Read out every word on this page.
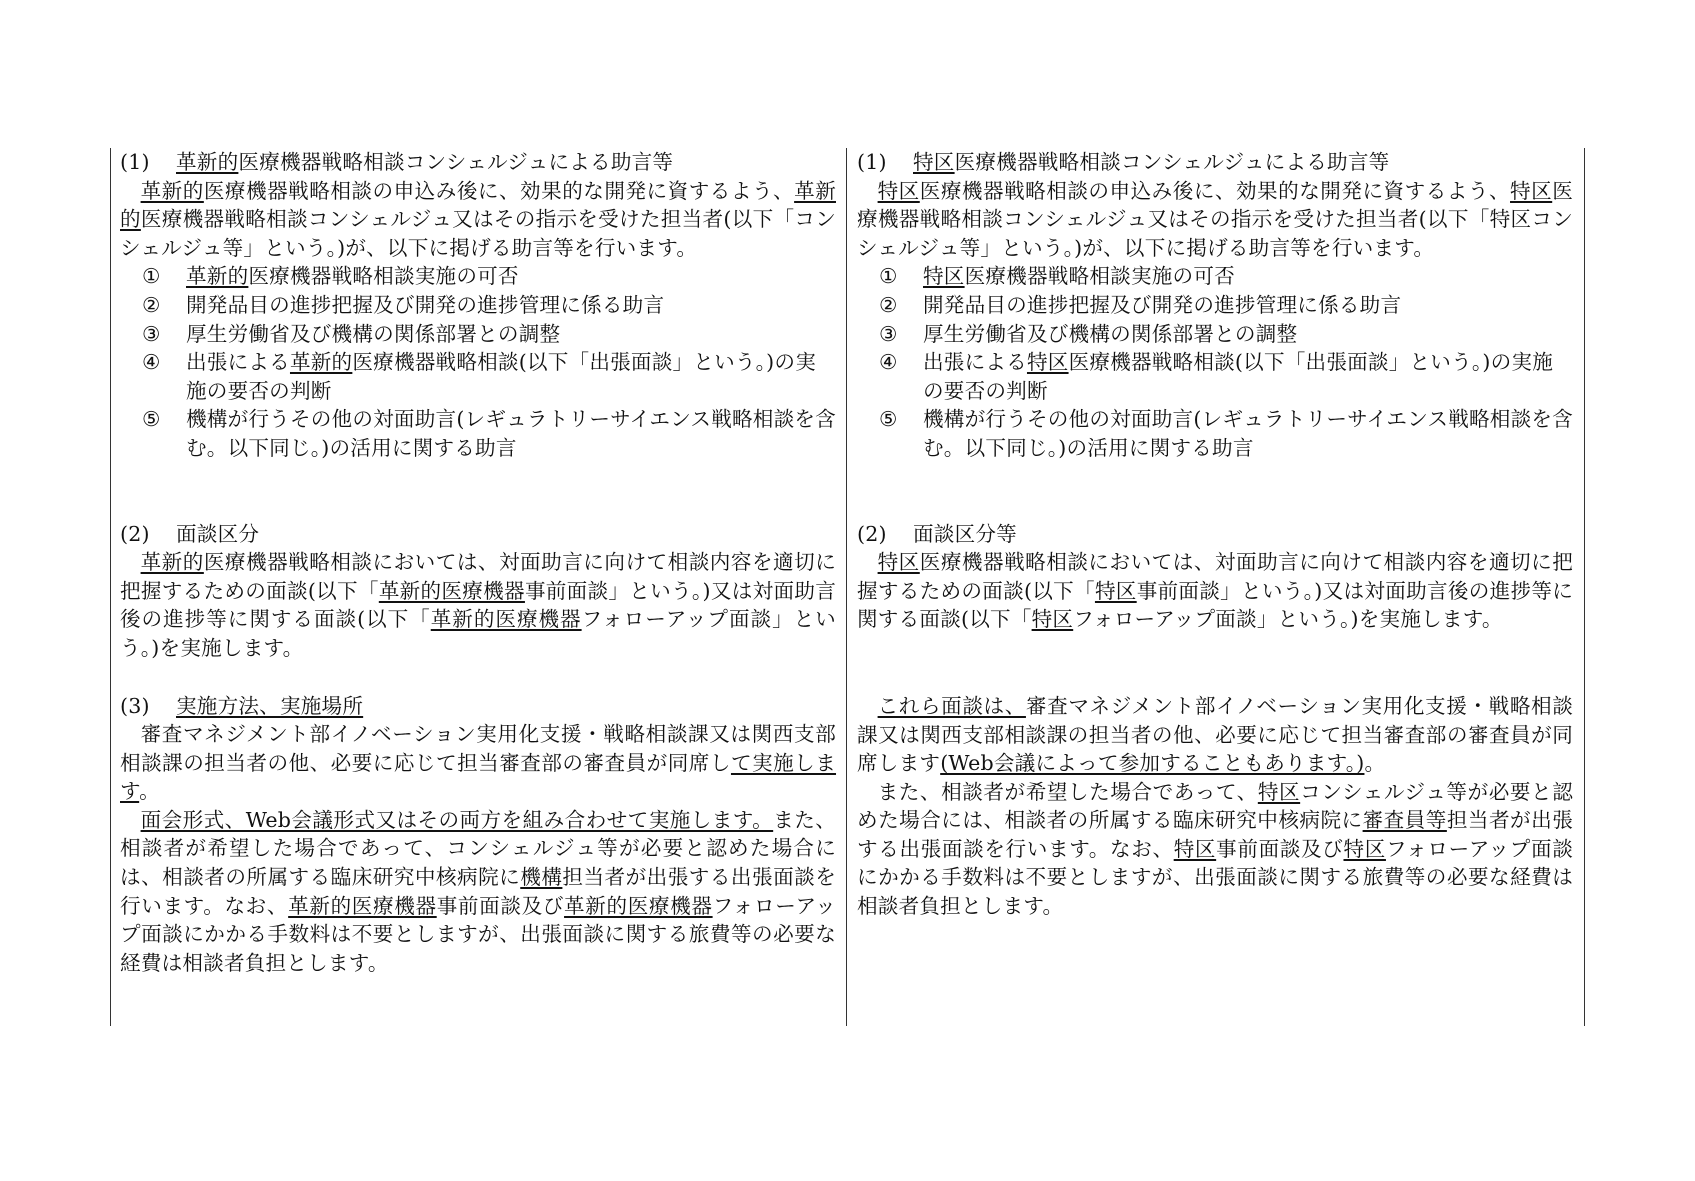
(1) 革新的医療機器戦略相談コンシェルジュによる助言等

革新的医療機器戦略相談の申込み後に、効果的な開発に資するよう、革新的医療機器戦略相談コンシェルジュ又はその指示を受けた担当者(以下「コンシェルジュ等」という。)が、以下に掲げる助言等を行います。

①	革新的医療機器戦略相談実施の可否
②	開発品目の進捗把握及び開発の進捗管理に係る助言
③	厚生労働省及び機構の関係部署との調整
④	出張による革新的医療機器戦略相談(以下「出張面談」という。)の実施の要否の判断
⑤	機構が行うその他の対面助言(レギュラトリーサイエンス戦略相談を含む。以下同じ。)の活用に関する助言
(2) 面談区分

革新的医療機器戦略相談においては、対面助言に向けて相談内容を適切に把握するための面談(以下「革新的医療機器事前面談」という。)又は対面助言後の進捗等に関する面談(以下「革新的医療機器フォローアップ面談」という。)を実施します。

(3) 実施方法、実施場所

審査マネジメント部イノベーション実用化支援・戦略相談課又は関西支部相談課の担当者の他、必要に応じて担当審査部の審査員が同席して実施します。

面会形式、Web会議形式又はその両方を組み合わせて実施します。また、相談者が希望した場合であって、コンシェルジュ等が必要と認めた場合には、相談者の所属する臨床研究中核病院に機構担当者が出張する出張面談を行います。なお、革新的医療機器事前面談及び革新的医療機器フォローアップ面談にかかる手数料は不要としますが、出張面談に関する旅費等の必要な経費は相談者負担とします。

(1) 特区医療機器戦略相談コンシェルジュによる助言等

特区医療機器戦略相談の申込み後に、効果的な開発に資するよう、特区医療機器戦略相談コンシェルジュ又はその指示を受けた担当者(以下「特区コンシェルジュ等」という。)が、以下に掲げる助言等を行います。

①	特区医療機器戦略相談実施の可否
②	開発品目の進捗把握及び開発の進捗管理に係る助言
③	厚生労働省及び機構の関係部署との調整
④	出張による特区医療機器戦略相談(以下「出張面談」という。)の実施の要否の判断
⑤	機構が行うその他の対面助言(レギュラトリーサイエンス戦略相談を含む。以下同じ。)の活用に関する助言
(2) 面談区分等

特区医療機器戦略相談においては、対面助言に向けて相談内容を適切に把握するための面談(以下「特区事前面談」という。)又は対面助言後の進捗等に関する面談(以下「特区フォローアップ面談」という。)を実施します。

これら面談は、審査マネジメント部イノベーション実用化支援・戦略相談課又は関西支部相談課の担当者の他、必要に応じて担当審査部の審査員が同席します(Web会議によって参加することもあります。)。

また、相談者が希望した場合であって、特区コンシェルジュ等が必要と認めた場合には、相談者の所属する臨床研究中核病院に審査員等担当者が出張する出張面談を行います。なお、特区事前面談及び特区フォローアップ面談にかかる手数料は不要としますが、出張面談に関する旅費等の必要な経費は相談者負担とします。
